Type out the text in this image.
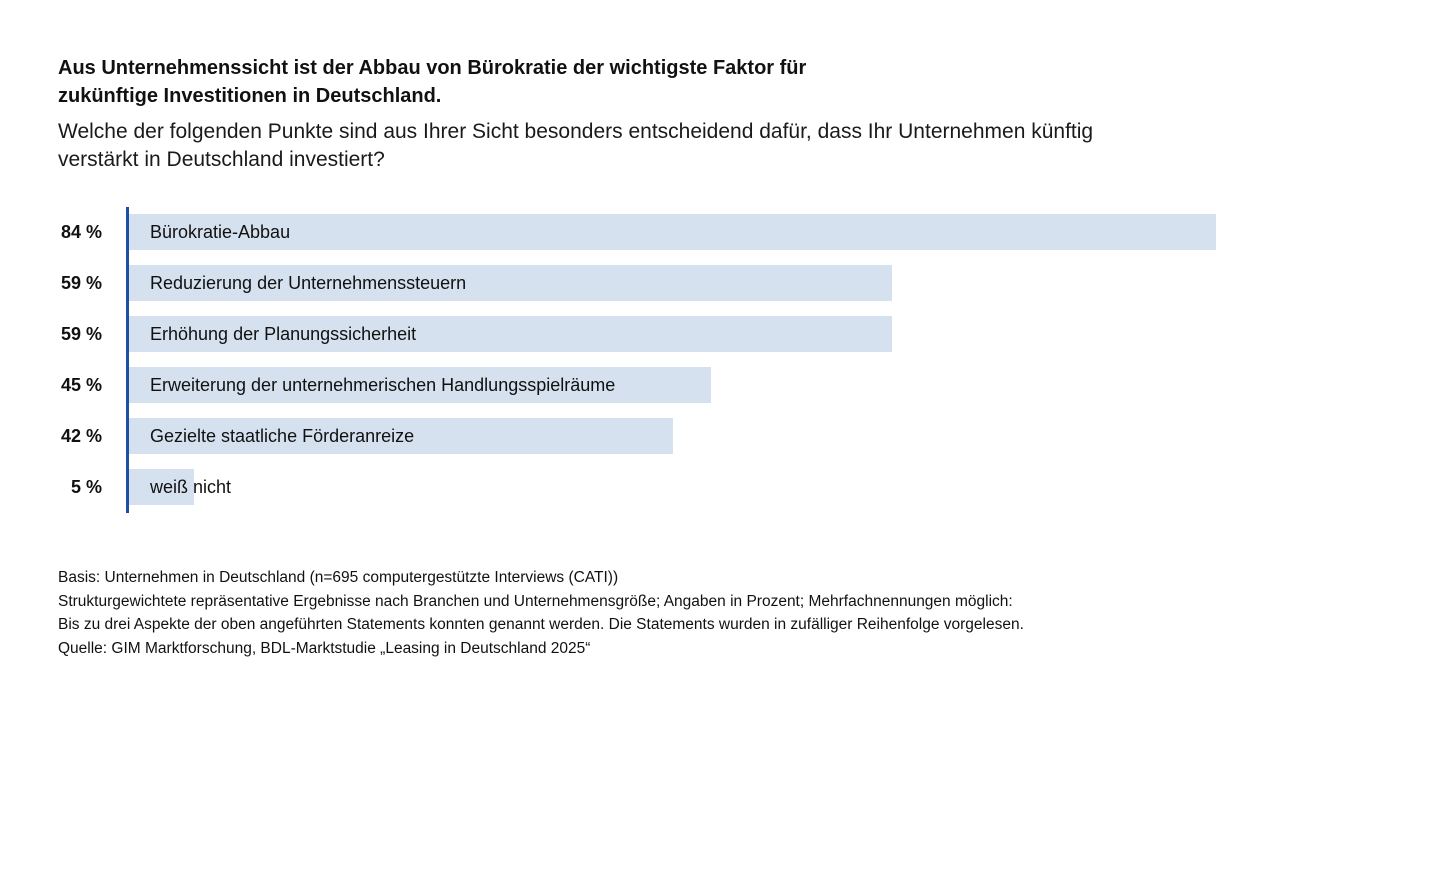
Aus Unternehmenssicht ist der Abbau von Bürokratie der wichtigste Faktor für
zukünftige Investitionen in Deutschland.

Welche der folgenden Punkte sind aus Ihrer Sicht besonders entscheidend dafür, dass Ihr Unternehmen künftig
verstärkt in Deutschland investiert?

84 %	Bürokratie-Abbau
59 %	Reduzierung der Unternehmenssteuern
59 %	Erhöhung der Planungssicherheit
45 %	Erweiterung der unternehmerischen Handlungsspielräume
42 %	Gezielte staatliche Förderanreize
5 %	weiß nicht
Basis: Unternehmen in Deutschland (n=695 computergestützte Interviews (CATI))
Strukturgewichtete repräsentative Ergebnisse nach Branchen und Unternehmensgröße; Angaben in Prozent; Mehrfachnennungen möglich:
Bis zu drei Aspekte der oben angeführten Statements konnten genannt werden. Die Statements wurden in zufälliger Reihenfolge vorgelesen.
Quelle: GIM Marktforschung, BDL-Marktstudie „Leasing in Deutschland 2025“
